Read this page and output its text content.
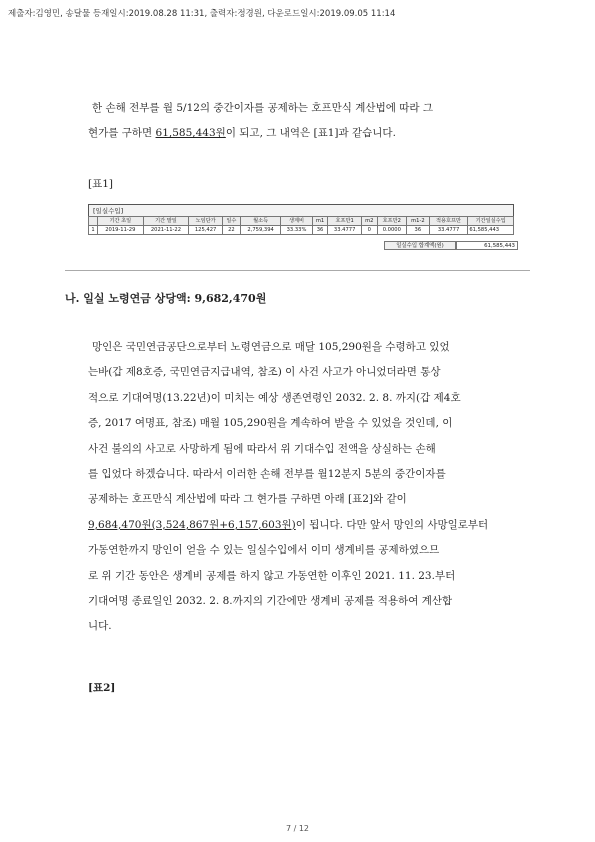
제출자:김영민, 송달물 등재일시:2019.08.28 11:31, 출력자:정경원, 다운로드일시:2019.09.05 11:14

한 손해 전부를 월 5/12의 중간이자를 공제하는 호프만식 계산법에 따라 그
현가를 구하면 61,585,443원이 되고, 그 내역은 [표1]과 같습니다.

[표1]
[일실수입]
	기간 초일	기간 말일	노임단가	일수	월소득	생계비	m1	호프만1	m2	호프만2	m1-2	적용호프만	기간일실수입
1	2019-11-29	2021-11-22	125,427	22	2,759,394	33.33%	36	33.4777	0	0.0000	36	33.4777	61,585,443
일실수입 합계액(원)	61,585,443
나. 일실 노령연금 상당액: 9,682,470원

망인은 국민연금공단으로부터 노령연금으로 매달 105,290원을 수령하고 있었
는바(갑 제8호증, 국민연금지급내역, 참조) 이 사건 사고가 아니었더라면 통상
적으로 기대여명(13.22년)이 미치는 예상 생존연령인 2032. 2. 8. 까지(갑 제4호
증, 2017 여명표, 참조) 매월 105,290원을 계속하여 받을 수 있었을 것인데, 이
사건 불의의 사고로 사망하게 됨에 따라서 위 기대수입 전액을 상실하는 손해
를 입었다 하겠습니다. 따라서 이러한 손해 전부를 월12분지 5분의 중간이자를
공제하는 호프만식 계산법에 따라 그 현가를 구하면 아래 [표2]와 같이
9,684,470원(3,524,867원+6,157,603원)이 됩니다. 다만 앞서 망인의 사망일로부터
가동연한까지 망인이 얻을 수 있는 일실수입에서 이미 생계비를 공제하였으므
로 위 기간 동안은 생계비 공제를 하지 않고 가동연한 이후인 2021. 11. 23.부터
기대여명 종료일인 2032. 2. 8.까지의 기간에만 생계비 공제를 적용하여 계산합
니다.

[표2]
7 / 12
